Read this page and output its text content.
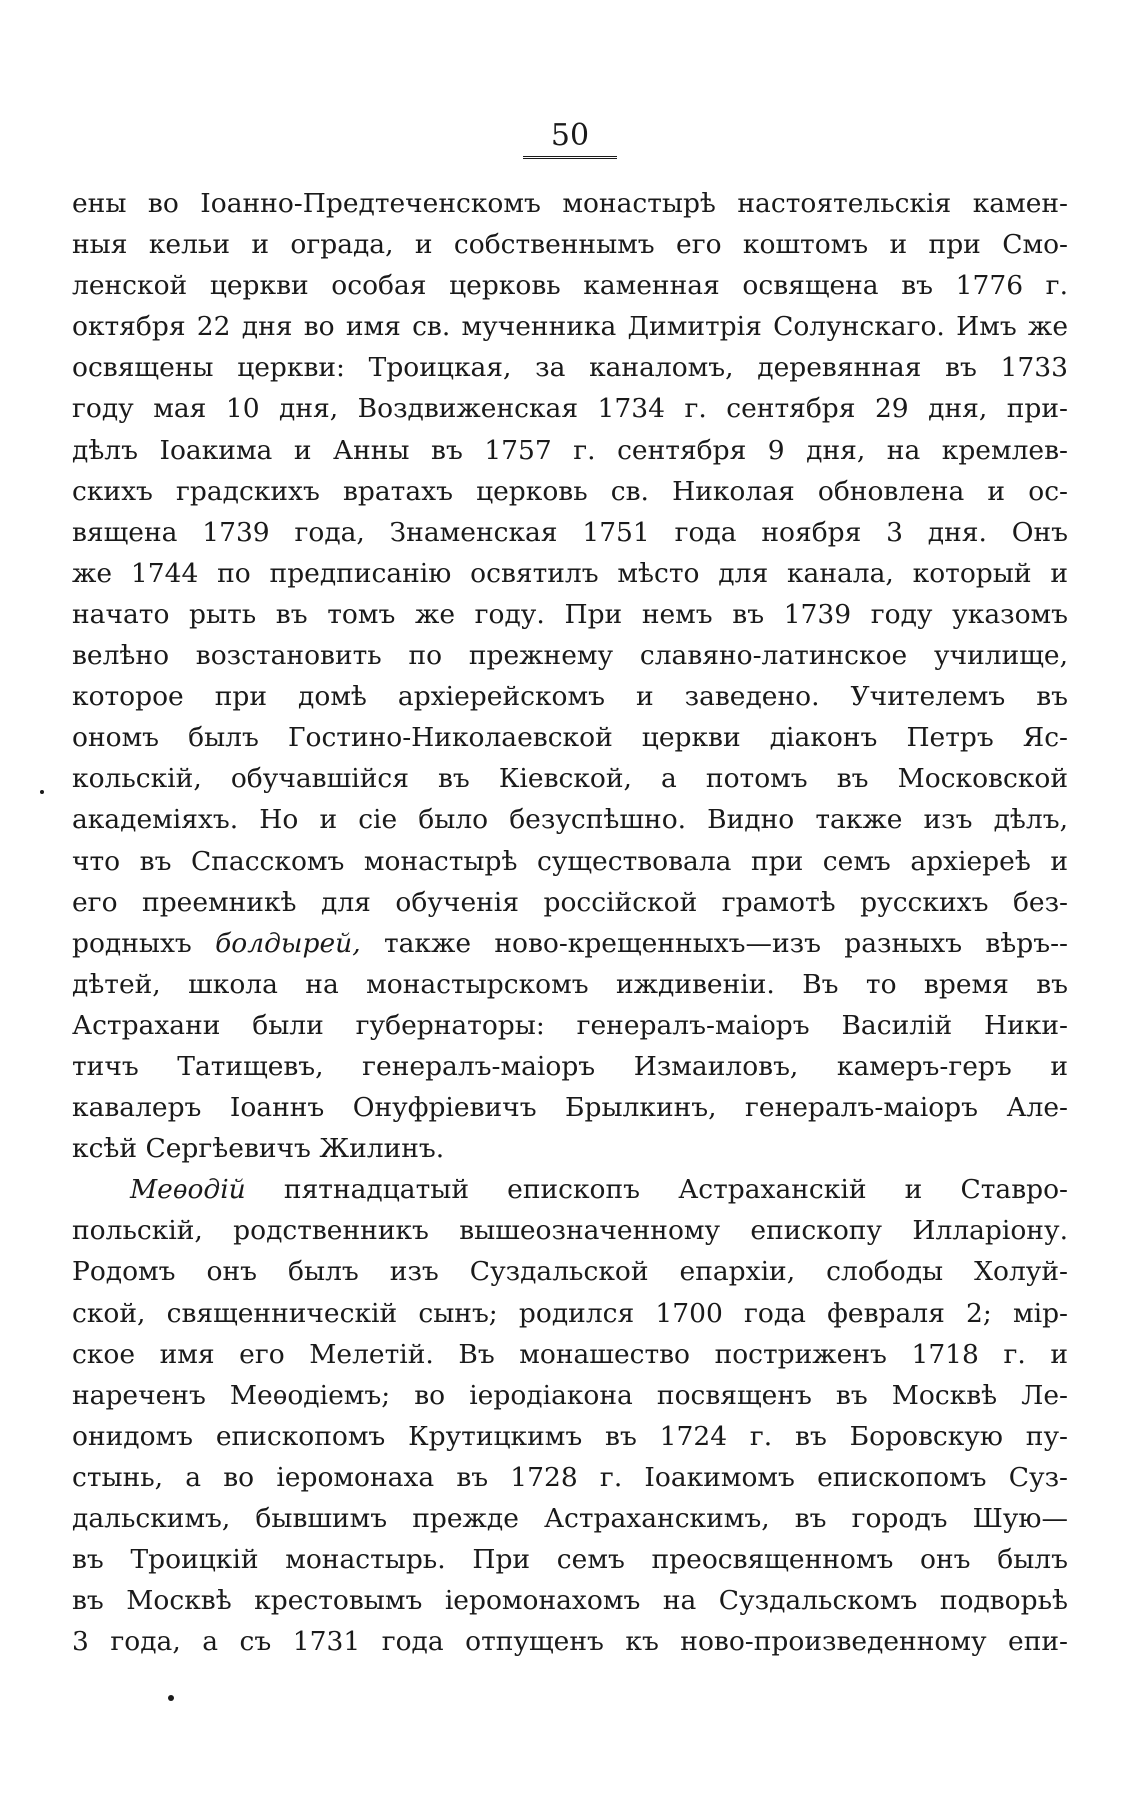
50
ены во Іоанно-Предтеченскомъ монастырѣ настоятельскія камен-
ныя кельи и ограда, и собственнымъ его коштомъ и при Смо-
ленской церкви особая церковь каменная освящена въ 1776 г.
октября 22 дня во имя св. мученника Димитрія Солунскаго. Имъ же
освящены церкви: Троицкая, за каналомъ, деревянная въ 1733
году мая 10 дня, Воздвиженская 1734 г. сентября 29 дня, при-
дѣлъ Іоакима и Анны въ 1757 г. сентября 9 дня, на кремлев-
скихъ градскихъ вратахъ церковь св. Николая обновлена и ос-
вящена 1739 года, Знаменская 1751 года ноября 3 дня. Онъ
же 1744 по предписанію освятилъ мѣсто для канала, который и
начато рыть въ томъ же году. При немъ въ 1739 году указомъ
велѣно возстановить по прежнему славяно-латинское училище,
которое при домѣ архіерейскомъ и заведено. Учителемъ въ
ономъ былъ Гостино-Николаевской церкви діаконъ Петръ Яс-
кольскій, обучавшійся въ Кіевской, а потомъ въ Московской
академіяхъ. Но и сіе было безуспѣшно. Видно также изъ дѣлъ,
что въ Спасскомъ монастырѣ существовала при семъ архіереѣ и
его преемникѣ для обученія россійской грамотѣ русскихъ без-
родныхъ болдырей, также ново-крещенныхъ—изъ разныхъ вѣръ--
дѣтей, школа на монастырскомъ иждивеніи. Въ то время въ
Астрахани были губернаторы: генералъ-маіоръ Василій Ники-
тичъ Татищевъ, генералъ-маіоръ Измаиловъ, камеръ-геръ и
кавалеръ Іоаннъ Онуфріевичъ Брылкинъ, генералъ-маіоръ Але-
ксѣй Сергѣевичъ Жилинъ.
Меѳодій пятнадцатый епископъ Астраханскій и Ставро-
польскій, родственникъ вышеозначенному епископу Илларіону.
Родомъ онъ былъ изъ Суздальской епархіи, слободы Холуй-
ской, священническій сынъ; родился 1700 года февраля 2; мір-
ское имя его Мелетій. Въ монашество постриженъ 1718 г. и
нареченъ Меѳодіемъ; во іеродіакона посвященъ въ Москвѣ Ле-
онидомъ епископомъ Крутицкимъ въ 1724 г. въ Боровскую пу-
стынь, а во іеромонаха въ 1728 г. Іоакимомъ епископомъ Суз-
дальскимъ, бывшимъ прежде Астраханскимъ, въ городъ Шую—
въ Троицкій монастырь. При семъ преосвященномъ онъ былъ
въ Москвѣ крестовымъ іеромонахомъ на Суздальскомъ подворьѣ
3 года, а съ 1731 года отпущенъ къ ново-произведенному епи-
